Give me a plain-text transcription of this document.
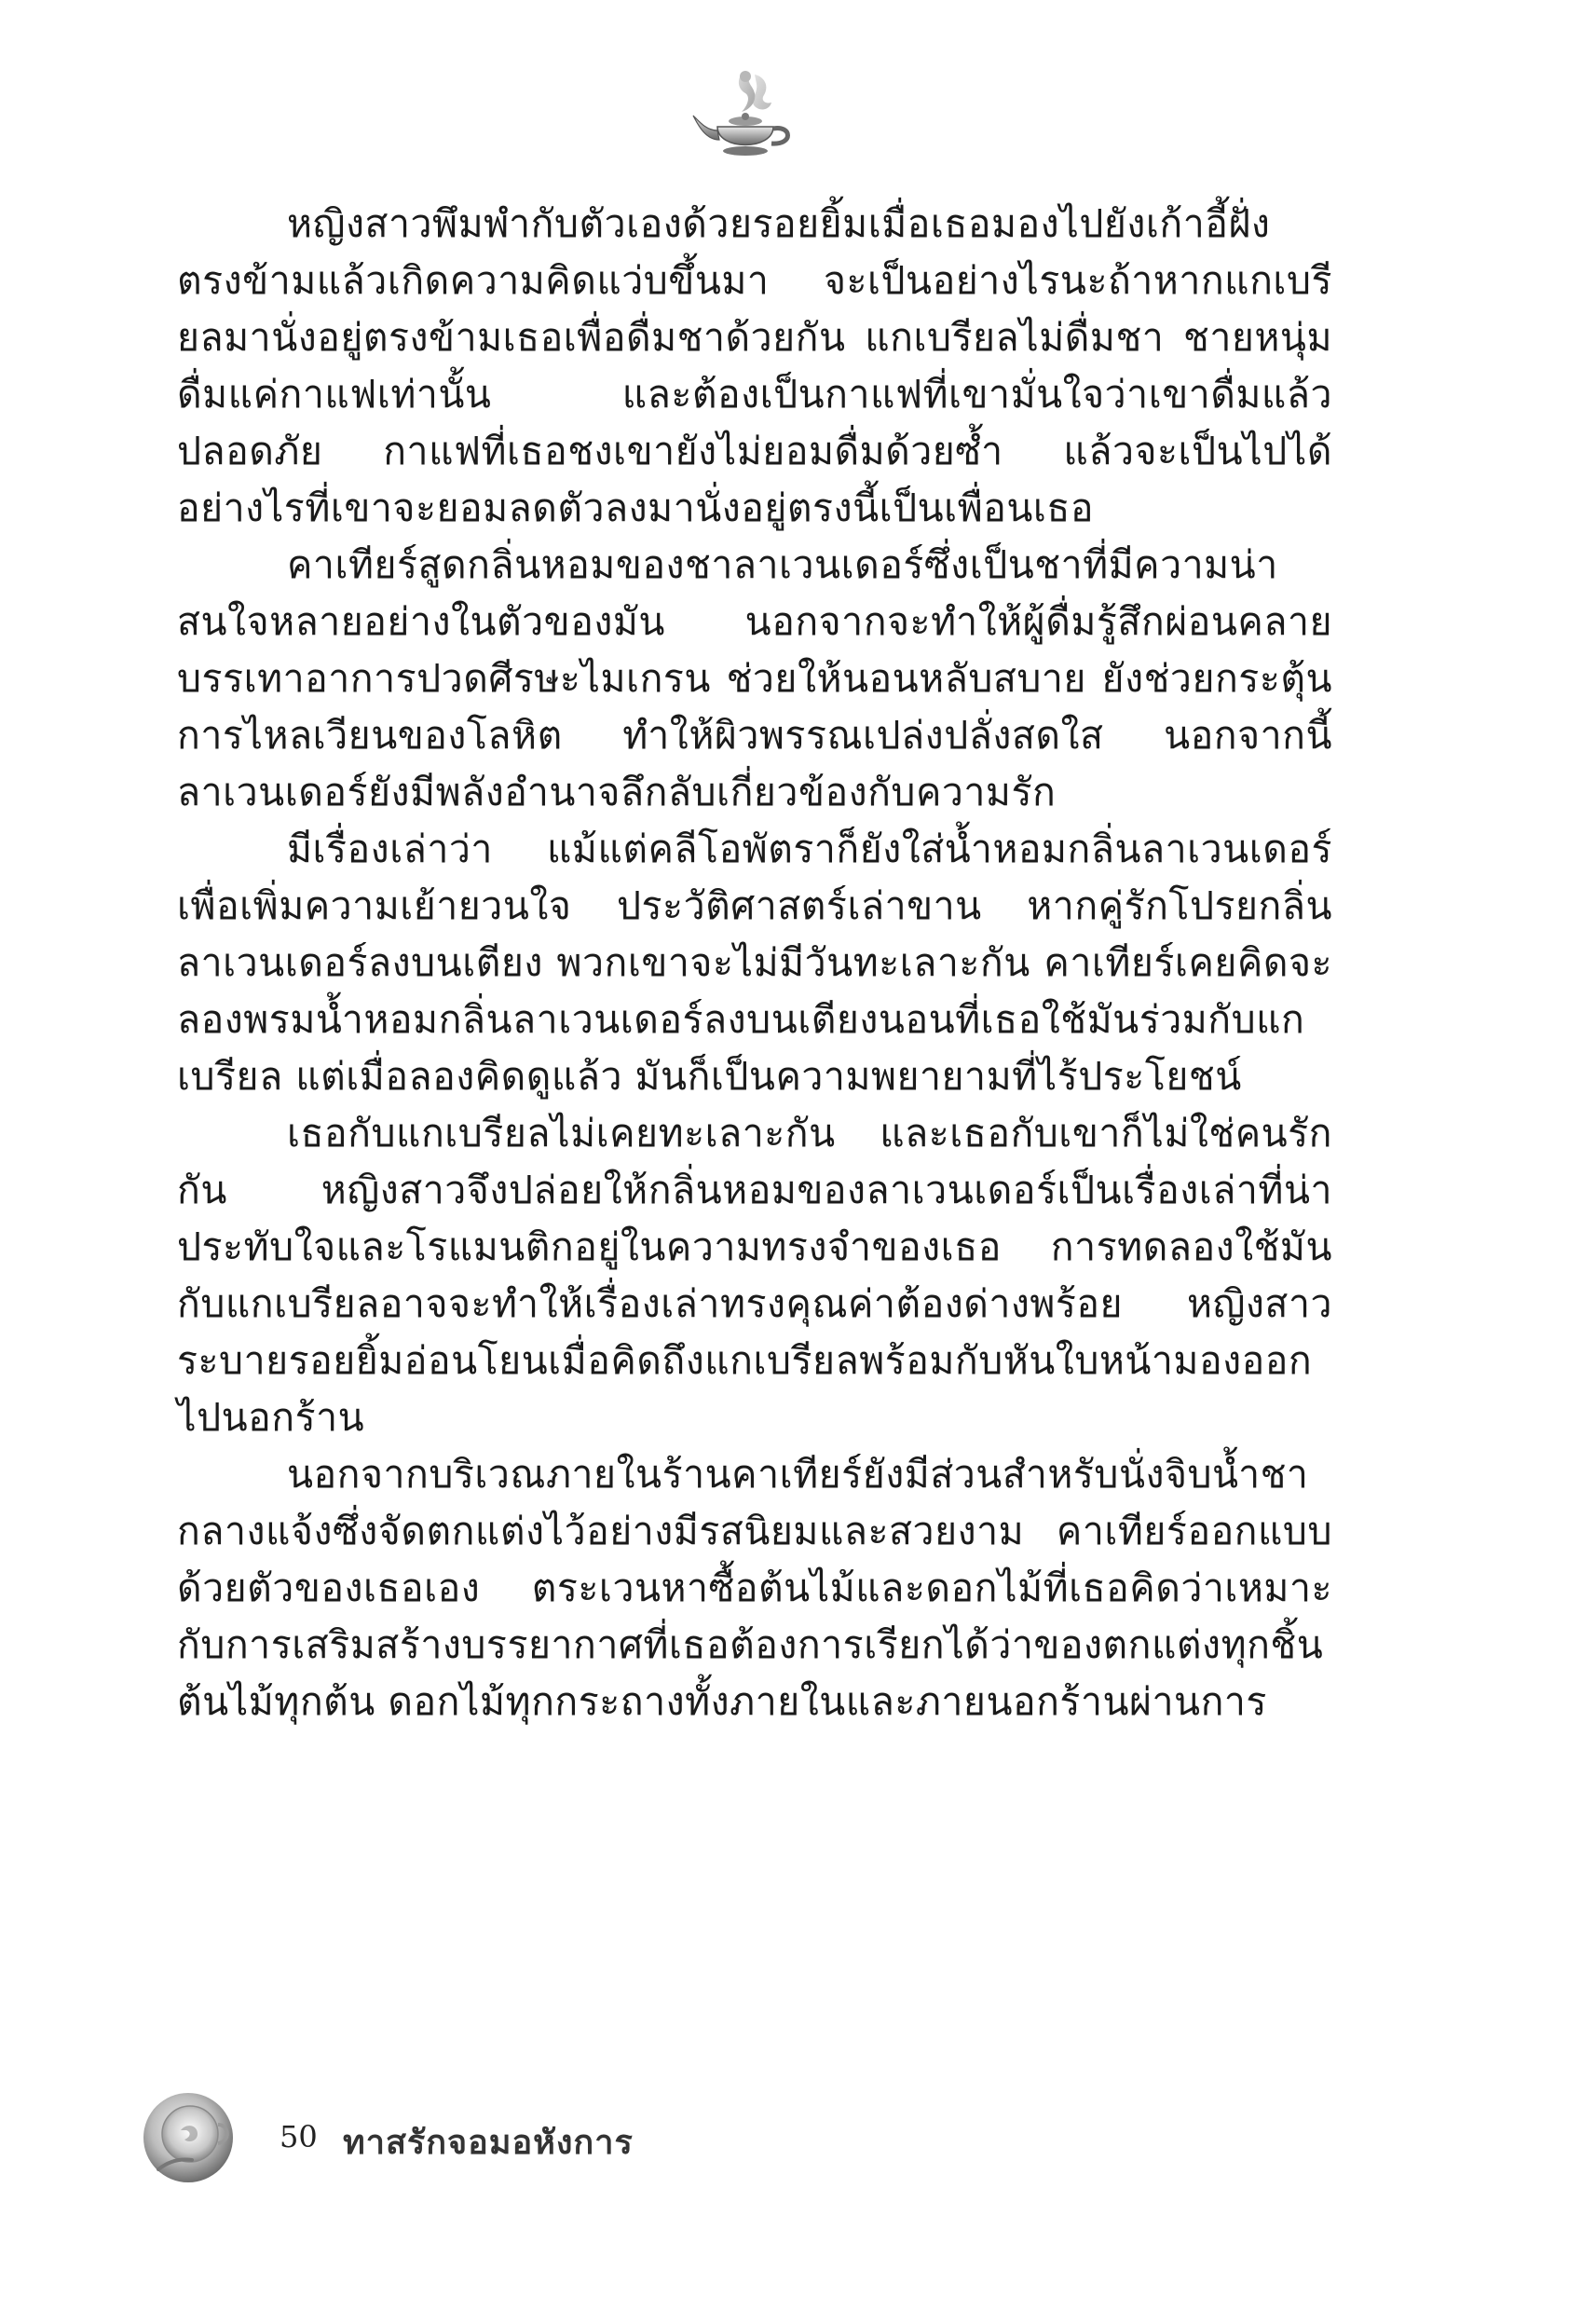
หญิงสาวพึมพำกับตัวเองด้วยรอยยิ้มเมื่อเธอมองไปยังเก้าอี้ฝั่งตรงข้ามแล้วเกิดความคิดแว่บขึ้นมา จะเป็นอย่างไรนะถ้าหากแกเบรียลมานั่งอยู่ตรงข้ามเธอเพื่อดื่มชาด้วยกัน แกเบรียลไม่ดื่มชา ชายหนุ่มดื่มแค่กาแฟเท่านั้น และต้องเป็นกาแฟที่เขามั่นใจว่าเขาดื่มแล้วปลอดภัย กาแฟที่เธอชงเขายังไม่ยอมดื่มด้วยซ้ำ แล้วจะเป็นไปได้อย่างไรที่เขาจะยอมลดตัวลงมานั่งอยู่ตรงนี้เป็นเพื่อนเธอ

คาเทียร์สูดกลิ่นหอมของชาลาเวนเดอร์ซึ่งเป็นชาที่มีความน่าสนใจหลายอย่างในตัวของมัน นอกจากจะทำให้ผู้ดื่มรู้สึกผ่อนคลาย บรรเทาอาการปวดศีรษะไมเกรน ช่วยให้นอนหลับสบาย ยังช่วยกระตุ้นการไหลเวียนของโลหิต ทำให้ผิวพรรณเปล่งปลั่งสดใส นอกจากนี้ลาเวนเดอร์ยังมีพลังอำนาจลึกลับเกี่ยวข้องกับความรัก

มีเรื่องเล่าว่า แม้แต่คลีโอพัตราก็ยังใส่น้ำหอมกลิ่นลาเวนเดอร์เพื่อเพิ่มความเย้ายวนใจ ประวัติศาสตร์เล่าขาน หากคู่รักโปรยกลิ่นลาเวนเดอร์ลงบนเตียง พวกเขาจะไม่มีวันทะเลาะกัน คาเทียร์เคยคิดจะลองพรมน้ำหอมกลิ่นลาเวนเดอร์ลงบนเตียงนอนที่เธอใช้มันร่วมกับแกเบรียล แต่เมื่อลองคิดดูแล้ว มันก็เป็นความพยายามที่ไร้ประโยชน์

เธอกับแกเบรียลไม่เคยทะเลาะกัน และเธอกับเขาก็ไม่ใช่คนรักกัน หญิงสาวจึงปล่อยให้กลิ่นหอมของลาเวนเดอร์เป็นเรื่องเล่าที่น่าประทับใจและโรแมนติกอยู่ในความทรงจำของเธอ การทดลองใช้มันกับแกเบรียลอาจจะทำให้เรื่องเล่าทรงคุณค่าต้องด่างพร้อย หญิงสาวระบายรอยยิ้มอ่อนโยนเมื่อคิดถึงแกเบรียลพร้อมกับหันใบหน้ามองออกไปนอกร้าน

นอกจากบริเวณภายในร้านคาเทียร์ยังมีส่วนสำหรับนั่งจิบน้ำชากลางแจ้งซึ่งจัดตกแต่งไว้อย่างมีรสนิยมและสวยงาม คาเทียร์ออกแบบด้วยตัวของเธอเอง ตระเวนหาซื้อต้นไม้และดอกไม้ที่เธอคิดว่าเหมาะกับการเสริมสร้างบรรยากาศที่เธอต้องการเรียกได้ว่าของตกแต่งทุกชิ้นต้นไม้ทุกต้น ดอกไม้ทุกกระถางทั้งภายในและภายนอกร้านผ่านการ

50 ทาสรักจอมอหังการ
